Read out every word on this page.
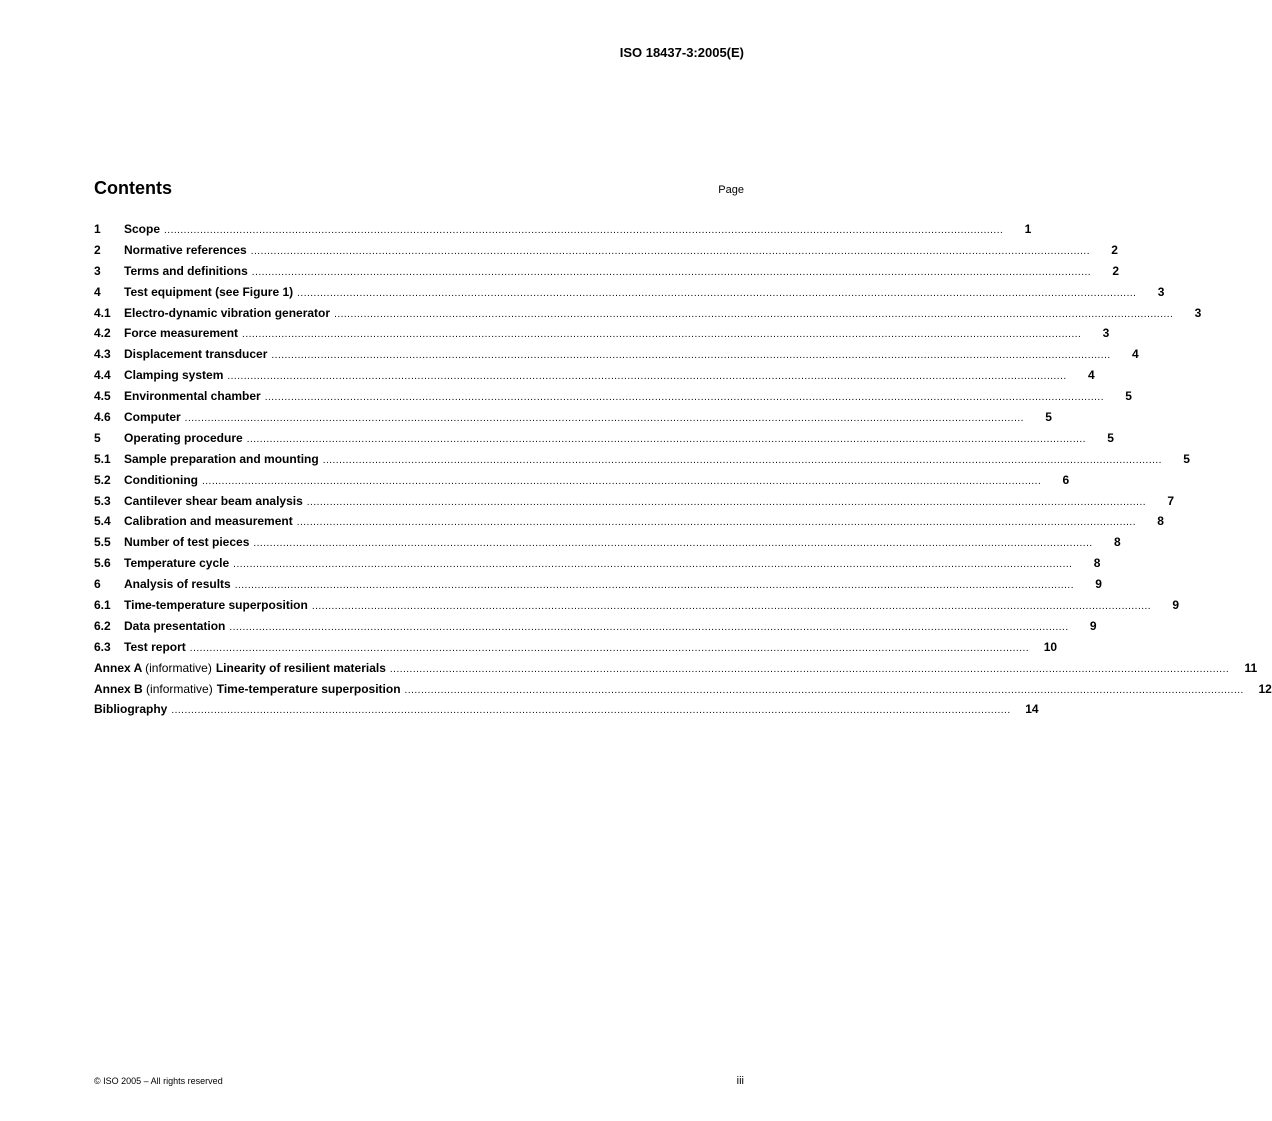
ISO 18437-3:2005(E)
Contents	Page
1	Scope ................................................................................................................................................................................................................................................................	1
2	Normative references ................................................................................................................................................................................................................................................................	2
3	Terms and definitions ................................................................................................................................................................................................................................................................	2
4	Test equipment (see Figure 1) ................................................................................................................................................................................................................................................................	3
4.1	Electro-dynamic vibration generator ................................................................................................................................................................................................................................................................	3
4.2	Force measurement ................................................................................................................................................................................................................................................................	3
4.3	Displacement transducer ................................................................................................................................................................................................................................................................	4
4.4	Clamping system ................................................................................................................................................................................................................................................................	4
4.5	Environmental chamber ................................................................................................................................................................................................................................................................	5
4.6	Computer ................................................................................................................................................................................................................................................................	5
5	Operating procedure ................................................................................................................................................................................................................................................................	5
5.1	Sample preparation and mounting ................................................................................................................................................................................................................................................................	5
5.2	Conditioning ................................................................................................................................................................................................................................................................	6
5.3	Cantilever shear beam analysis ................................................................................................................................................................................................................................................................	7
5.4	Calibration and measurement ................................................................................................................................................................................................................................................................	8
5.5	Number of test pieces ................................................................................................................................................................................................................................................................	8
5.6	Temperature cycle ................................................................................................................................................................................................................................................................	8
6	Analysis of results ................................................................................................................................................................................................................................................................	9
6.1	Time-temperature superposition ................................................................................................................................................................................................................................................................	9
6.2	Data presentation ................................................................................................................................................................................................................................................................	9
6.3	Test report ................................................................................................................................................................................................................................................................	10
Annex A (informative) Linearity of resilient materials ................................................................................................................................................................................................................................................................	11
Annex B (informative) Time-temperature superposition ................................................................................................................................................................................................................................................................	12
Bibliography ................................................................................................................................................................................................................................................................	14
© ISO 2005 – All rights reserved	iii
